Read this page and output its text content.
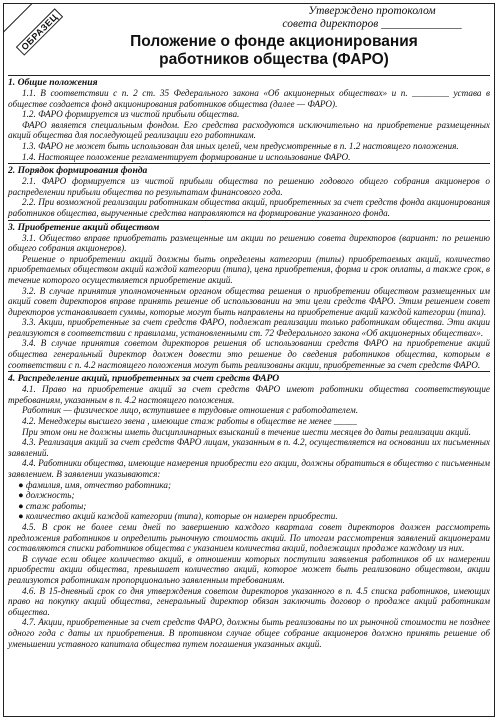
ОБРАЗЕЦ
Утверждено протоколом
совета директоров ______________
Положение о фонде акционирования
работников общества (ФАРО)
1. Общие положения

1.1. В соответствии с п. 2 ст. 35 Федерального закона «Об акционерных обществах» и п. ________ устава в обществе создается фонд акционирования работников общества (далее — ФАРО).

1.2. ФАРО формируется из чистой прибыли общества.

ФАРО является специальным фондом. Его средства расходуются исключительно на приобретение размещенных акций общества для последующей реализации его работникам.

1.3. ФАРО не может быть использован для иных целей, чем предусмотренные в п. 1.2 настоящего положения.

1.4. Настоящее положение регламентирует формирование и использование ФАРО.

2. Порядок формирования фонда

2.1. ФАРО формируется из чистой прибыли общества по решению годового общего собрания акционеров о распределении прибыли общества по результатам финансового года.

2.2. При возможной реализации работникам общества акций, приобретенных за счет средств фонда акционирования работников общества, вырученные средства направляются на формирование указанного фонда.

3. Приобретение акций обществом

3.1. Общество вправе приобретать размещенные им акции по решению совета директоров (вариант: по решению общего собрания акционеров).

Решение о приобретении акций должны быть определены категории (типы) приобретаемых акций, количество приобретаемых обществом акций каждой категории (типа), цена приобретения, форма и срок оплаты, а также срок, в течение которого осуществляется приобретение акций.

3.2. В случае принятия уполномоченным органом общества решения о приобретении обществом размещенных им акций совет директоров вправе принять решение об использовании на эти цели средств ФАРО. Этим решением совет директоров устанавливает суммы, которые могут быть направлены на приобретение акций каждой категории (типа).

3.3. Акции, приобретенные за счет средств ФАРО, подлежат реализации только работникам общества. Эти акции реализуются в соответствии с правилами, установленными ст. 72 Федерального закона «Об акционерных обществах».

3.4. В случае принятия советом директоров решения об использовании средств ФАРО на приобретение акций общества генеральный директор должен довести это решение до сведения работников общества, которым в соответствии с п. 4.2 настоящего положения могут быть реализованы акции, приобретенные за счет средств ФАРО.

4. Распределение акций, приобретенных за счет средств ФАРО

4.1. Право на приобретение акций за счет средств ФАРО имеют работники общества соответствующие требованиям, указанным в п. 4.2 настоящего положения.

Работник — физическое лицо, вступившее в трудовые отношения с работодателем.

4.2. Менеджеры высшего звена , имеющие стаж работы в обществе не менее _____

При этом они не должны иметь дисциплинарных взысканий в течение шести месяцев до даты реализации акций.

4.3. Реализация акций за счет средств ФАРО лицам, указанным в п. 4.2, осуществляется на основании их письменных заявлений.

4.4. Работники общества, имеющие намерения приобрести его акции, должны обратиться в общество с письменным заявлением. В заявлении указываются:

● фамилия, имя, отчество работника;

● должность;

● стаж работы;

● количество акций каждой категории (типа), которые он намерен приобрести.

4.5. В срок не более семи дней по завершению каждого квартала совет директоров должен рассмотреть предложения работников и определить рыночную стоимость акций. По итогам рассмотрения заявлений акционерами составляются списки работников общества с указанием количества акций, подлежащих продаже каждому из них.

В случае если общее количество акций, в отношении которых поступили заявления работников об их намерении приобрести акции общества, превышает количество акций, которое может быть реализовано обществом, акции реализуются работникам пропорционально заявленным требованиям.

4.6. В 15-дневный срок со дня утверждения советом директоров указанного в п. 4.5 списка работников, имеющих право на покупку акций общества, генеральный директор обязан заключить договор о продаже акций работникам общества.

4.7. Акции, приобретенные за счет средств ФАРО, должны быть реализованы по их рыночной стоимости не позднее одного года с даты их приобретения. В противном случае общее собрание акционеров должно принять решение об уменьшении уставного капитала общества путем погашения указанных акций.
